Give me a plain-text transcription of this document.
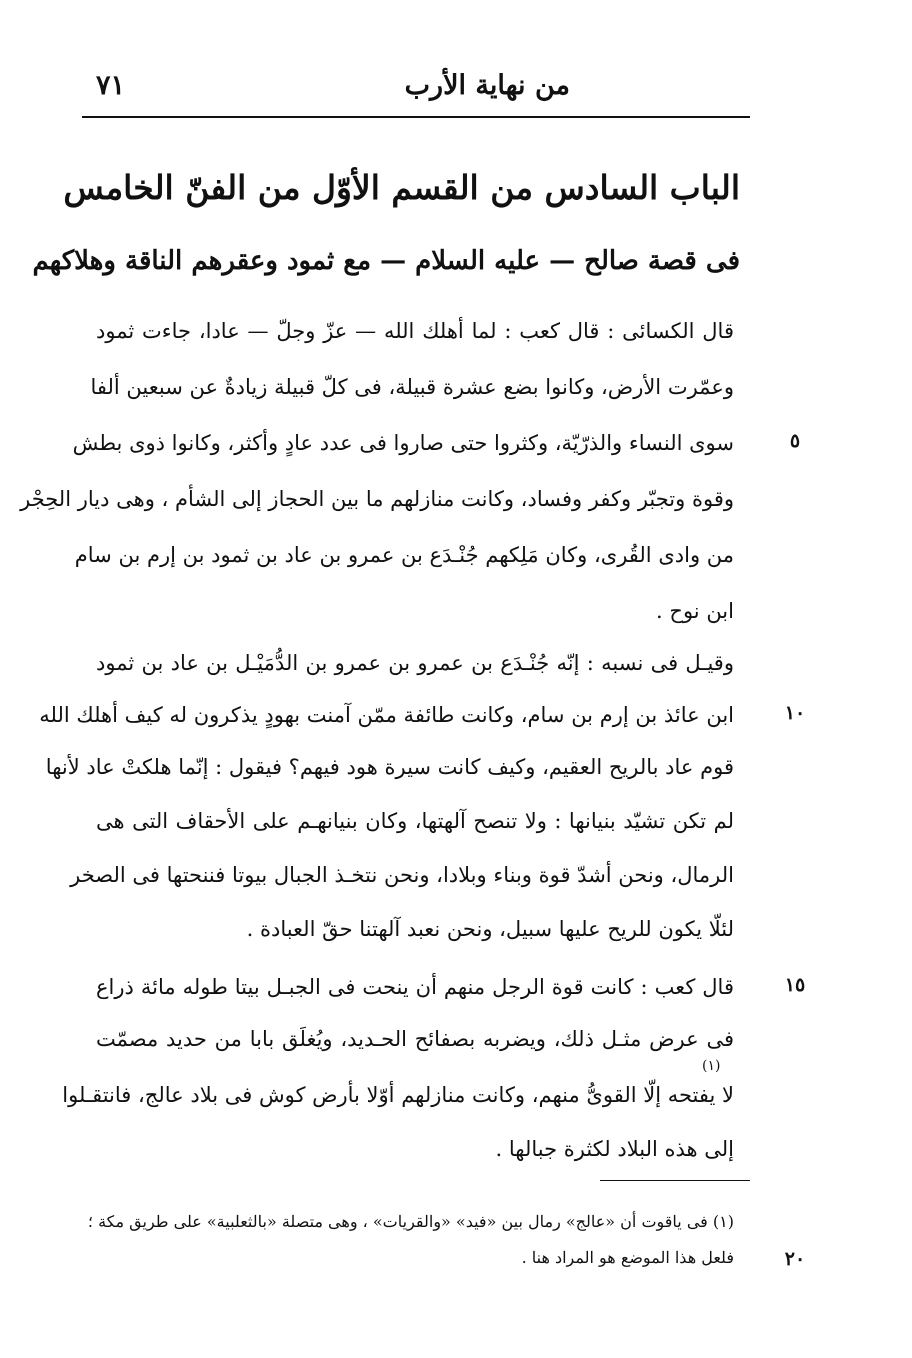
من نهاية الأرب
٧١
الباب السادس من القسم الأوّل من الفنّ الخامس
فى قصة صالح — عليه السلام — مع ثمود وعقرهم الناقة وهلاكهم
قال الكسائى : قال كعب : لما أهلك الله — عزّ وجلّ — عادا، جاءت ثمود
وعمّرت الأرض، وكانوا بضع عشرة قبيلة، فى كلّ قبيلة زيادةٌ عن سبعين ألفا
سوى النساء والذرّيّة، وكثروا حتى صاروا فى عدد عادٍ وأكثر، وكانوا ذوى بطش
وقوة وتجبّر وكفر وفساد، وكانت منازلهم ما بين الحجاز إلى الشأم ، وهى ديار الحِجْر
من وادى القُرى، وكان مَلِكهم جُنْـدَع بن عمرو بن عاد بن ثمود بن إرم بن سام
ابن نوح .
وقيـل فى نسبه : إنّه جُنْـدَع بن عمرو بن عمرو بن الدُّمَيْـل بن عاد بن ثمود
ابن عائذ بن إرم بن سام، وكانت طائفة ممّن آمنت بهودٍ يذكرون له كيف أهلك الله
قوم عاد بالريح العقيم، وكيف كانت سيرة هود فيهم؟ فيقول : إنّما هلكتْ عاد لأنها
لم تكن تشيّد بنيانها : ولا تنصح آلهتها، وكان بنيانهـم على الأحقاف التى هى
الرمال، ونحن أشدّ قوة وبناء وبلادا، ونحن نتخـذ الجبال بيوتا فننحتها فى الصخر
لئلّا يكون للريح عليها سبيل، ونحن نعبد آلهتنا حقّ العبادة .
قال كعب : كانت قوة الرجل منهم أن ينحت فى الجبـل بيتا طوله مائة ذراع
فى عرض مثـل ذلك، ويضربه بصفائح الحـديد، ويُغلَق بابا من حديد مصمّت
لا يفتحه إلّا القوىُّ منهم، وكانت منازلهم أوّلا بأرض كوش فى بلاد عالج، فانتقـلوا
إلى هذه البلاد لكثرة جبالها .
(١)
٥
١٠
١٥
٢٠
(١) فى ياقوت أن «عالج» رمال بين «فيد» «والقريات» ، وهى متصلة «بالثعلبية» على طريق مكة ؛
فلعل هذا الموضع هو المراد هنا .
